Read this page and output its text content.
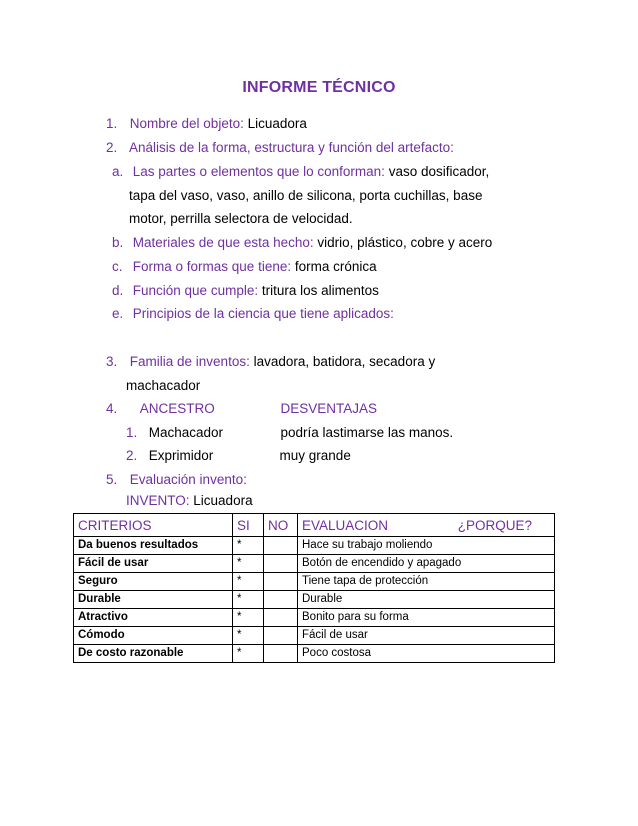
INFORME TÉCNICO
1. Nombre del objeto: Licuadora
2. Análisis de la forma, estructura y función del artefacto:
a. Las partes o elementos que lo conforman: vaso dosificador,
tapa del vaso, vaso, anillo de silicona, porta cuchillas, base
motor, perrilla selectora de velocidad.
b. Materiales de que esta hecho: vidrio, plástico, cobre y acero
c. Forma o formas que tiene: forma crónica
d. Función que cumple: tritura los alimentos
e. Principios de la ciencia que tiene aplicados:
3. Familia de inventos: lavadora, batidora, secadora y
machacador
4. ANCESTRO	DESVENTAJAS
1. Machacador	podría lastimarse las manos.
2. Exprimidor	muy grande
5. Evaluación invento:
INVENTO: Licuadora
CRITERIOS	SI	NO	EVALUACION ¿PORQUE?

Da buenos resultados	*		Hace su trabajo moliendo
Fácil de usar	*		Botón de encendido y apagado
Seguro	*		Tiene tapa de protección
Durable	*		Durable
Atractivo	*		Bonito para su forma
Cómodo	*		Fácil de usar
De costo razonable	*		Poco costosa
